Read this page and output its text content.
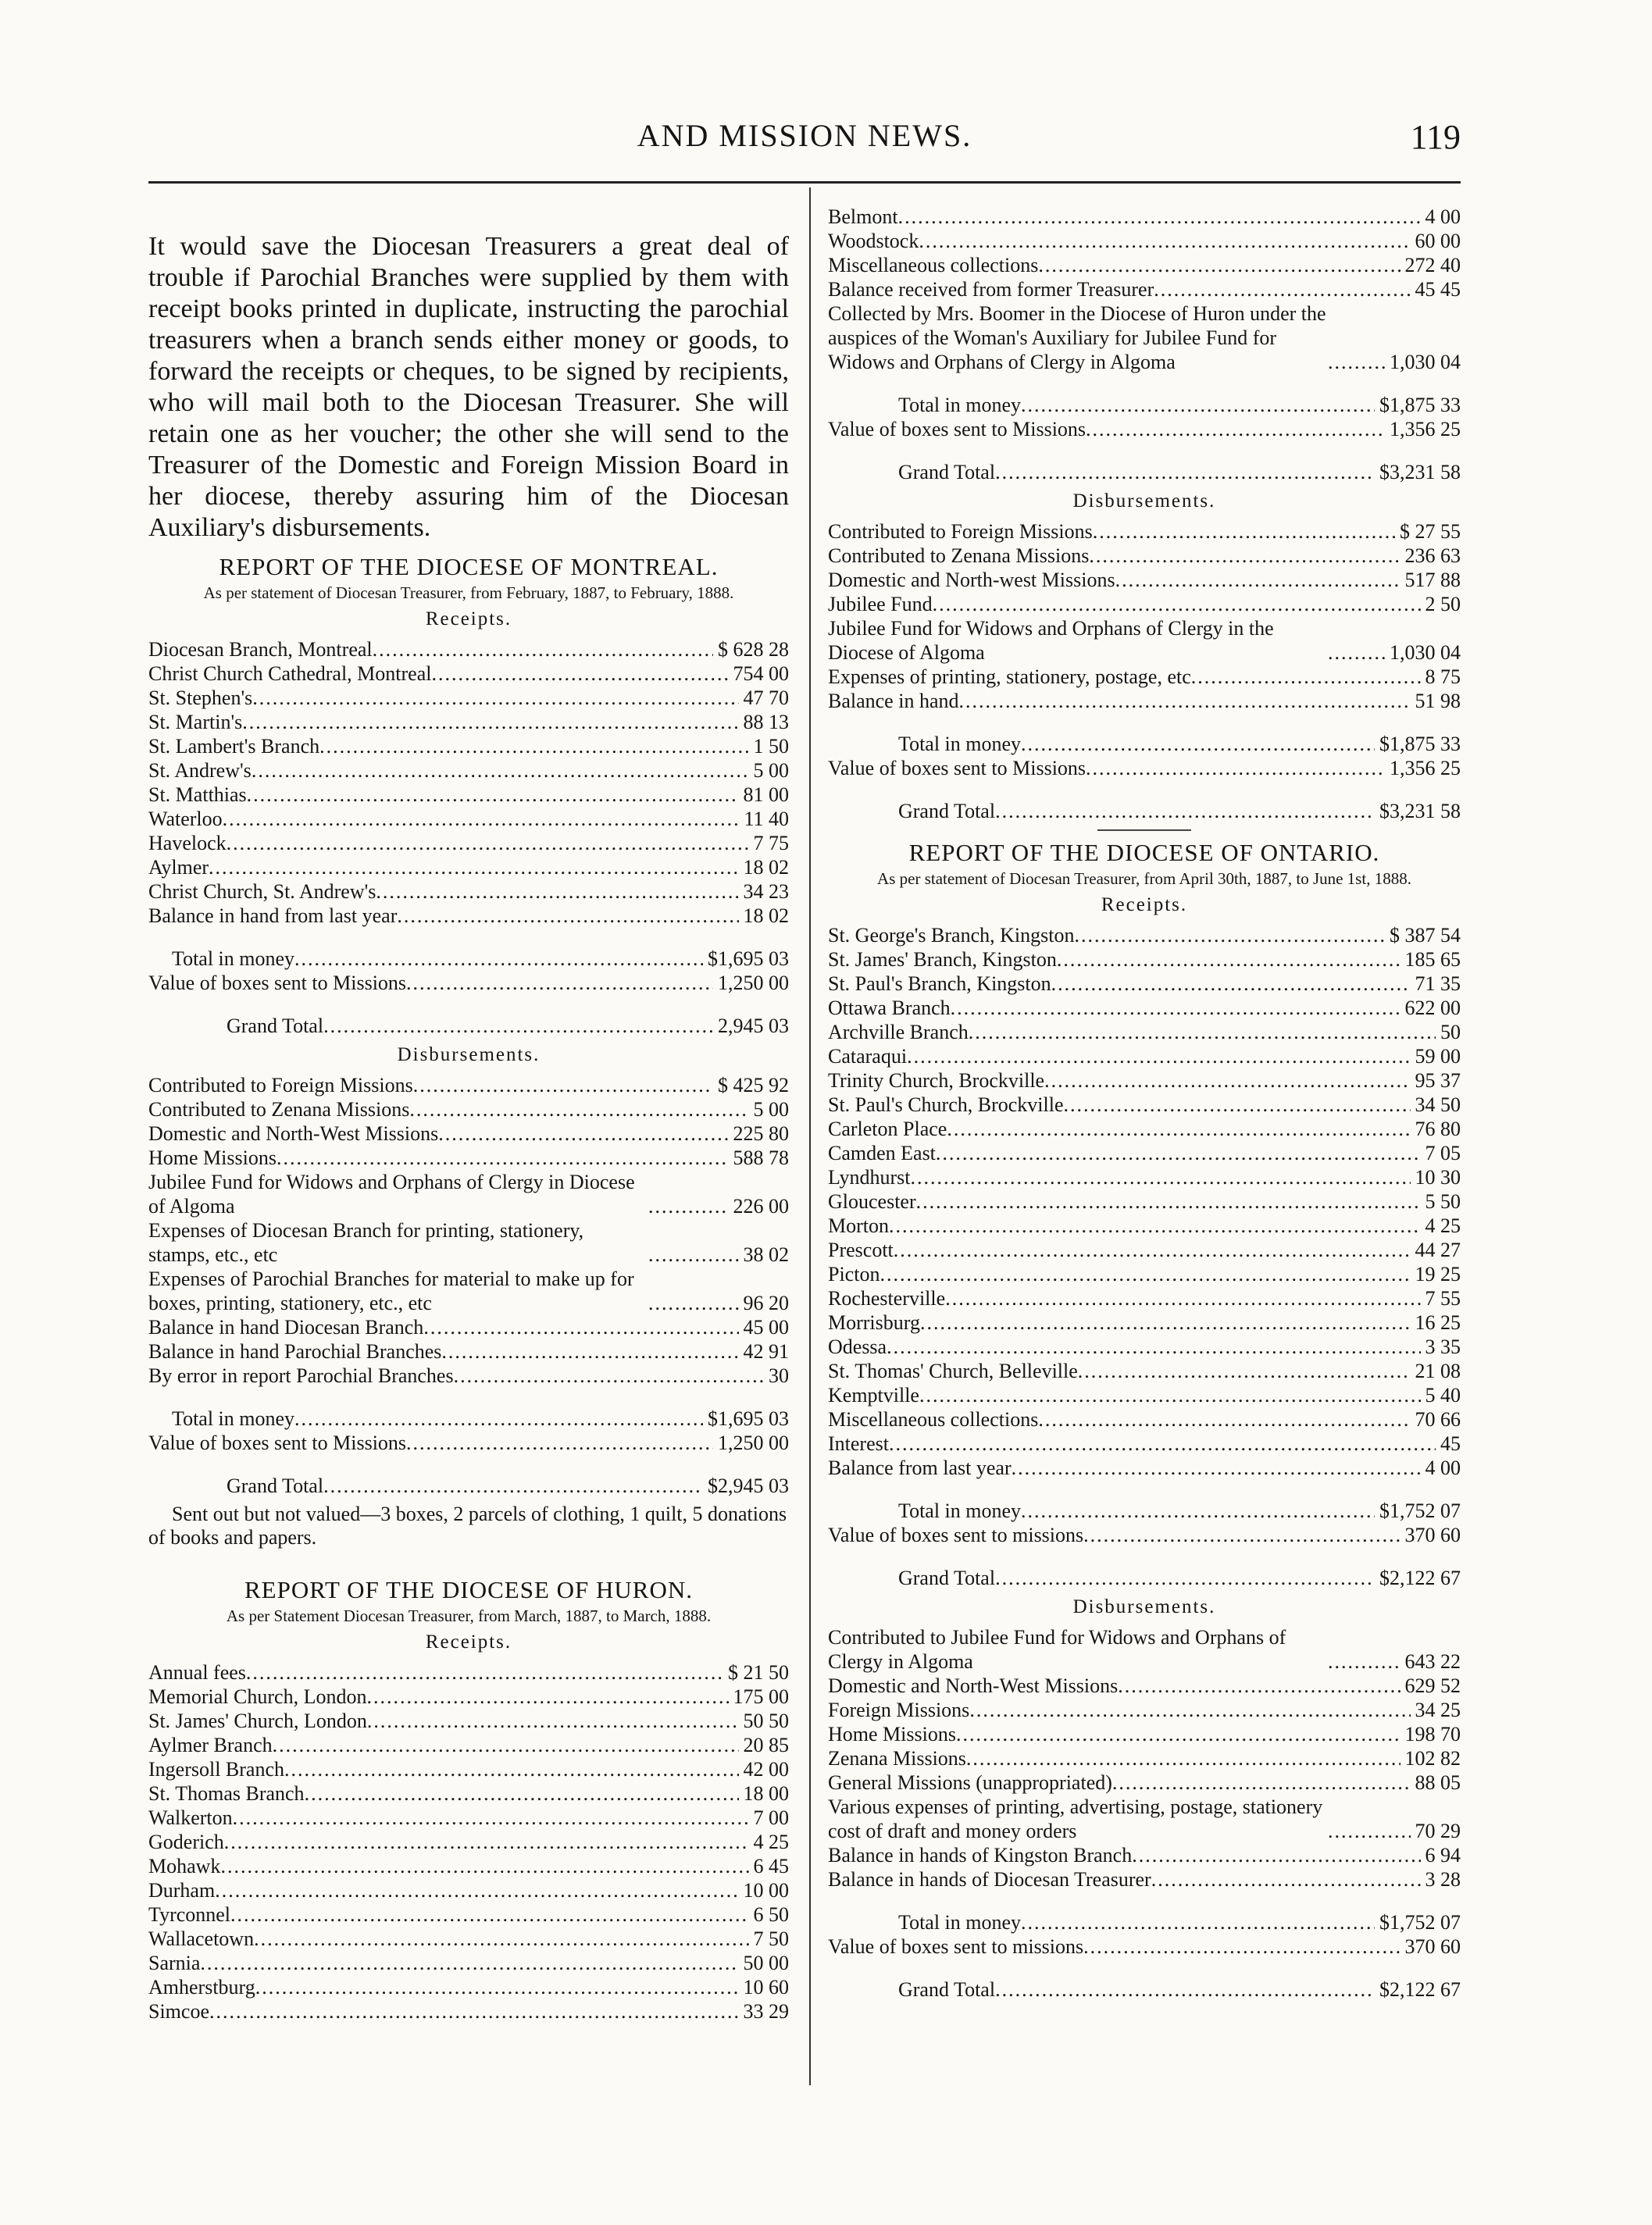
AND MISSION NEWS.	119

It would save the Diocesan Treasurers a great deal of trouble if Parochial Branches were supplied by them with receipt books printed in duplicate, instructing the parochial treasurers when a branch sends either money or goods, to forward the receipts or cheques, to be signed by recipients, who will mail both to the Diocesan Treasurer. She will retain one as her voucher; the other she will send to the Treasurer of the Domestic and Foreign Mission Board in her diocese, thereby assuring him of the Diocesan Auxiliary's disbursements.

REPORT OF THE DIOCESE OF MONTREAL.
As per statement of Diocesan Treasurer, from February, 1887, to February, 1888.
Receipts.
Diocesan Branch, Montreal .....	$ 628 28
Christ Church Cathedral, Montreal .....	754 00
St. Stephen's .....	47 70
St. Martin's .....	88 13
St. Lambert's Branch .....	1 50
St. Andrew's .....	5 00
St. Matthias .....	81 00
Waterloo .....	11 40
Havelock .....	7 75
Aylmer .....	18 02
Christ Church, St. Andrew's .....	34 23
Balance in hand from last year .....	18 02
Total in money .....	$1,695 03
Value of boxes sent to Missions .....	1,250 00
Grand Total .....	2,945 03
Disbursements.
Contributed to Foreign Missions .....	$ 425 92
Contributed to Zenana Missions .....	5 00
Domestic and North-West Missions .....	225 80
Home Missions .....	588 78
Jubilee Fund for Widows and Orphans of Clergy in Diocese of Algoma .....	226 00
Expenses of Diocesan Branch for printing, stationery, stamps, etc., etc .....	38 02
Expenses of Parochial Branches for material to make up for boxes, printing, stationery, etc., etc .....	96 20
Balance in hand Diocesan Branch .....	45 00
Balance in hand Parochial Branches .....	42 91
By error in report Parochial Branches .....	30
Total in money .....	$1,695 03
Value of boxes sent to Missions .....	1,250 00
Grand Total .....	$2,945 03
Sent out but not valued—3 boxes, 2 parcels of clothing, 1 quilt, 5 donations of books and papers.
REPORT OF THE DIOCESE OF HURON.
As per Statement Diocesan Treasurer, from March, 1887, to March, 1888.
Receipts.
Annual fees .....	$ 21 50
Memorial Church, London .....	175 00
St. James' Church, London .....	50 50
Aylmer Branch .....	20 85
Ingersoll Branch .....	42 00
St. Thomas Branch .....	18 00
Walkerton .....	7 00
Goderich .....	4 25
Mohawk .....	6 45
Durham .....	10 00
Tyrconnel .....	6 50
Wallacetown .....	7 50
Sarnia .....	50 00
Amherstburg .....	10 60
Simcoe .....	33 29
Belmont .....	4 00
Woodstock .....	60 00
Miscellaneous collections .....	272 40
Balance received from former Treasurer .....	45 45
Collected by Mrs. Boomer in the Diocese of Huron under the auspices of the Woman's Auxiliary for Jubilee Fund for Widows and Orphans of Clergy in Algoma .....	1,030 04
Total in money .....	$1,875 33
Value of boxes sent to Missions .....	1,356 25
Grand Total .....	$3,231 58
Disbursements.
Contributed to Foreign Missions .....	$ 27 55
Contributed to Zenana Missions .....	236 63
Domestic and North-west Missions .....	517 88
Jubilee Fund .....	2 50
Jubilee Fund for Widows and Orphans of Clergy in the Diocese of Algoma .....	1,030 04
Expenses of printing, stationery, postage, etc .....	8 75
Balance in hand .....	51 98
Total in money .....	$1,875 33
Value of boxes sent to Missions .....	1,356 25
Grand Total .....	$3,231 58
REPORT OF THE DIOCESE OF ONTARIO.
As per statement of Diocesan Treasurer, from April 30th, 1887, to June 1st, 1888.
Receipts.
St. George's Branch, Kingston .....	$ 387 54
St. James' Branch, Kingston .....	185 65
St. Paul's Branch, Kingston .....	71 35
Ottawa Branch .....	622 00
Archville Branch .....	50
Cataraqui .....	59 00
Trinity Church, Brockville .....	95 37
St. Paul's Church, Brockville .....	34 50
Carleton Place .....	76 80
Camden East .....	7 05
Lyndhurst .....	10 30
Gloucester .....	5 50
Morton .....	4 25
Prescott .....	44 27
Picton .....	19 25
Rochesterville .....	7 55
Morrisburg .....	16 25
Odessa .....	3 35
St. Thomas' Church, Belleville .....	21 08
Kemptville .....	5 40
Miscellaneous collections .....	70 66
Interest .....	45
Balance from last year .....	4 00
Total in money .....	$1,752 07
Value of boxes sent to missions .....	370 60
Grand Total .....	$2,122 67
Disbursements.
Contributed to Jubilee Fund for Widows and Orphans of Clergy in Algoma .....	643 22
Domestic and North-West Missions .....	629 52
Foreign Missions .....	34 25
Home Missions .....	198 70
Zenana Missions .....	102 82
General Missions (unappropriated) .....	88 05
Various expenses of printing, advertising, postage, stationery cost of draft and money orders .....	70 29
Balance in hands of Kingston Branch .....	6 94
Balance in hands of Diocesan Treasurer .....	3 28
Total in money .....	$1,752 07
Value of boxes sent to missions .....	370 60
Grand Total .....	$2,122 67
